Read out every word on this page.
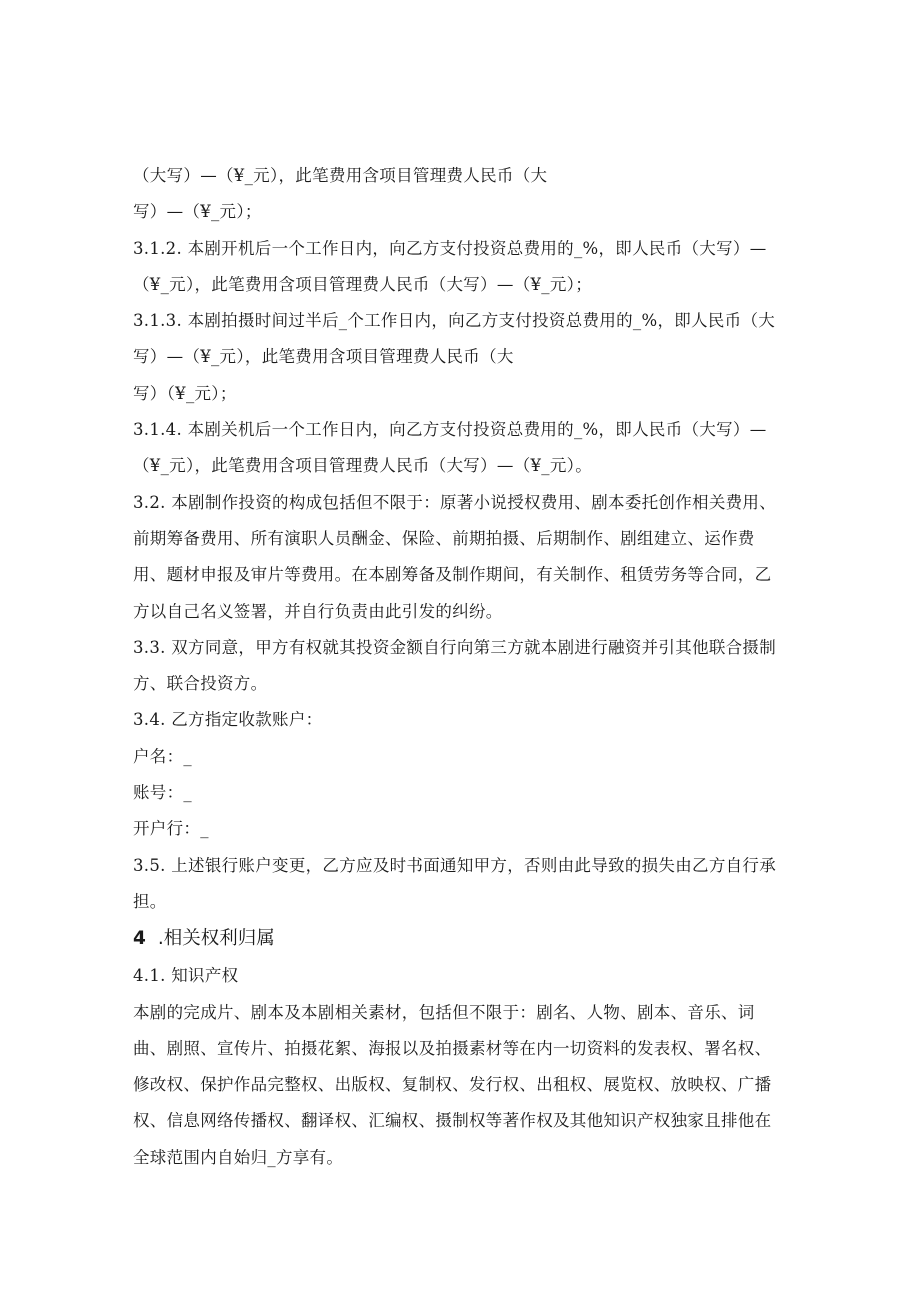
（大写）—（¥_元），此笔费用含项目管理费人民币（大
写）—（¥_元）；
3.1.2. 本剧开机后一个工作日内，向乙方支付投资总费用的_%，即人民币（大写）—
（¥_元），此笔费用含项目管理费人民币（大写）—（¥_元）；
3.1.3. 本剧拍摄时间过半后_个工作日内，向乙方支付投资总费用的_%，即人民币（大
写）—（¥_元），此笔费用含项目管理费人民币（大
写）（¥_元）；
3.1.4. 本剧关机后一个工作日内，向乙方支付投资总费用的_%，即人民币（大写）—
（¥_元），此笔费用含项目管理费人民币（大写）—（¥_元）。
3.2. 本剧制作投资的构成包括但不限于：原著小说授权费用、剧本委托创作相关费用、
前期筹备费用、所有演职人员酬金、保险、前期拍摄、后期制作、剧组建立、运作费
用、题材申报及审片等费用。在本剧筹备及制作期间，有关制作、租赁劳务等合同，乙
方以自己名义签署，并自行负责由此引发的纠纷。
3.3. 双方同意，甲方有权就其投资金额自行向第三方就本剧进行融资并引其他联合摄制
方、联合投资方。
3.4. 乙方指定收款账户：
户名：_
账号：_
开户行：_
3.5. 上述银行账户变更，乙方应及时书面通知甲方，否则由此导致的损失由乙方自行承
担。
4 .相关权利归属
4.1. 知识产权
本剧的完成片、剧本及本剧相关素材，包括但不限于：剧名、人物、剧本、音乐、词
曲、剧照、宣传片、拍摄花絮、海报以及拍摄素材等在内一切资料的发表权、署名权、
修改权、保护作品完整权、出版权、复制权、发行权、出租权、展览权、放映权、广播
权、信息网络传播权、翻译权、汇编权、摄制权等著作权及其他知识产权独家且排他在
全球范围内自始归_方享有。
